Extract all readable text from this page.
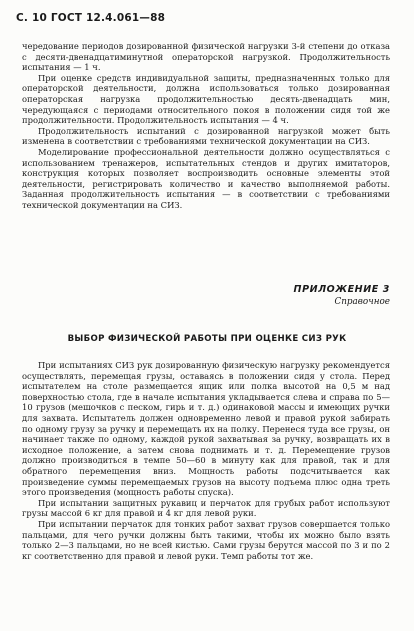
С. 10 ГОСТ 12.4.061—88

чередование периодов дозированной физической нагрузки 3-й степени до отказа с десяти-двенадцатиминутной операторской нагрузкой. Продолжительность испытания — 1 ч.

При оценке средств индивидуальной защиты, предназначенных только для операторской деятельности, должна использоваться только дозированная операторская нагрузка продолжительностью десять-двенадцать мин, чередующаяся с периодами относительного покоя в положении сидя той же продолжительности. Продолжительность испытания — 4 ч.

Продолжительность испытаний с дозированной нагрузкой может быть изменена в соответствии с требованиями технической документации на СИЗ.

Моделирование профессиональной деятельности должно осуществляться с использованием тренажеров, испытательных стендов и других имитаторов, конструкция которых позволяет воспроизводить основные элементы этой деятельности, регистрировать количество и качество выполняемой работы. Заданная продолжительность испытания — в соответствии с требованиями технической документации на СИЗ.

ПРИЛОЖЕНИЕ 3
Справочное
ВЫБОР ФИЗИЧЕСКОЙ РАБОТЫ ПРИ ОЦЕНКЕ СИЗ РУК

При испытаниях СИЗ рук дозированную физическую нагрузку рекомендуется осуществлять, перемещая грузы, оставаясь в положении сидя у стола. Перед испытателем на столе размещается ящик или полка высотой на 0,5 м над поверхностью стола, где в начале испытания укладывается слева и справа по 5—10 грузов (мешочков с песком, гирь и т. д.) одинаковой массы и имеющих ручки для захвата. Испытатель должен одновременно левой и правой рукой забирать по одному грузу за ручку и перемещать их на полку. Перенеся туда все грузы, он начинает также по одному, каждой рукой захватывая за ручку, возвращать их в исходное положение, а затем снова поднимать и т. д. Перемещение грузов должно производиться в темпе 50—60 в минуту как для правой, так и для обратного перемещения вниз. Мощность работы подсчитывается как произведение суммы перемещаемых грузов на высоту подъема плюс одна треть этого произведения (мощность работы спуска).

При испытании защитных рукавиц и перчаток для грубых работ используют грузы массой 6 кг для правой и 4 кг для левой руки.

При испытании перчаток для тонких работ захват грузов совершается только пальцами, для чего ручки должны быть такими, чтобы их можно было взять только 2—3 пальцами, но не всей кистью. Сами грузы берутся массой по 3 и по 2 кг соответственно для правой и левой руки. Темп работы тот же.
